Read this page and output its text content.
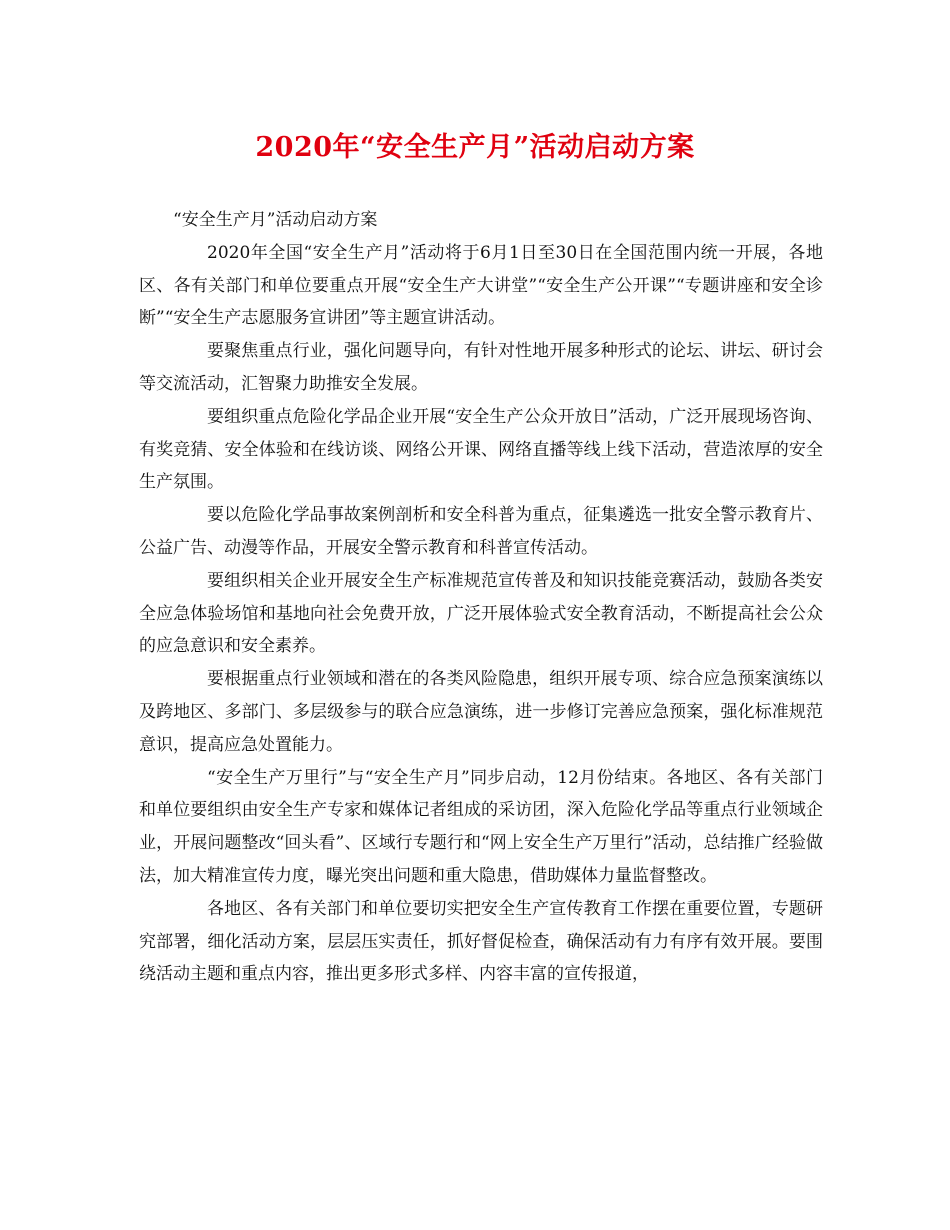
2020年“安全生产月”活动启动方案

“安全生产月”活动启动方案

2020年全国“安全生产月”活动将于6月1日至30日在全国范围内统一开展，各地区、各有关部门和单位要重点开展“安全生产大讲堂”“安全生产公开课”“专题讲座和安全诊断”“安全生产志愿服务宣讲团”等主题宣讲活动。

要聚焦重点行业，强化问题导向，有针对性地开展多种形式的论坛、讲坛、研讨会等交流活动，汇智聚力助推安全发展。

要组织重点危险化学品企业开展“安全生产公众开放日”活动，广泛开展现场咨询、有奖竞猜、安全体验和在线访谈、网络公开课、网络直播等线上线下活动，营造浓厚的安全生产氛围。

要以危险化学品事故案例剖析和安全科普为重点，征集遴选一批安全警示教育片、公益广告、动漫等作品，开展安全警示教育和科普宣传活动。

要组织相关企业开展安全生产标准规范宣传普及和知识技能竞赛活动，鼓励各类安全应急体验场馆和基地向社会免费开放，广泛开展体验式安全教育活动，不断提高社会公众的应急意识和安全素养。

要根据重点行业领域和潜在的各类风险隐患，组织开展专项、综合应急预案演练以及跨地区、多部门、多层级参与的联合应急演练，进一步修订完善应急预案，强化标准规范意识，提高应急处置能力。

“安全生产万里行”与“安全生产月”同步启动，12月份结束。各地区、各有关部门和单位要组织由安全生产专家和媒体记者组成的采访团，深入危险化学品等重点行业领域企业，开展问题整改“回头看”、区域行专题行和“网上安全生产万里行”活动，总结推广经验做法，加大精准宣传力度，曝光突出问题和重大隐患，借助媒体力量监督整改。

各地区、各有关部门和单位要切实把安全生产宣传教育工作摆在重要位置，专题研究部署，细化活动方案，层层压实责任，抓好督促检查，确保活动有力有序有效开展。要围绕活动主题和重点内容，推出更多形式多样、内容丰富的宣传报道，
